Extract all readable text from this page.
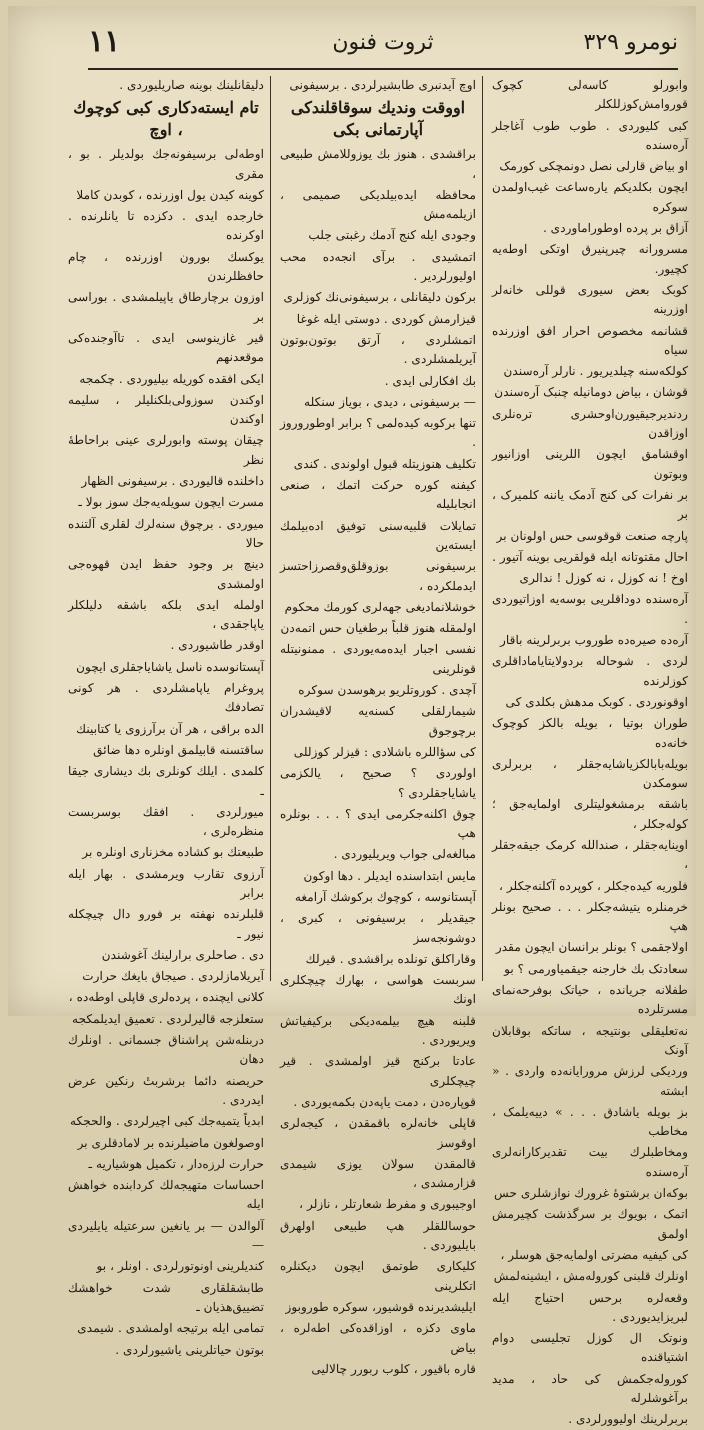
نومرو ٣٢٩
ثروت فنون
١١

وابورلو کاسه‌لی کچوک قوروامش‌کوزللکلر

کبی کلیوردی . طوب طوب آغاجلر آره‌سنده

او بیاض قارلی نصل دونمچکی کورمک

ایچون بکلدیکم یاره‌ساعت غیب‌اولمدن سوکره

آزاق بر پرده اوطوراماوردی .

مسرورانه چیرپنیرق اوتکی اوطه‌یه کچیور.

کوبک بعض سیوری قوللی خانه‌لر اوزرینه

قشانمه مخصوص احرار افق اوزرنده سیاه

کولکه‌سنه چیلدیریور . نارلر آره‌سندن

قوشان ، بیاض دومانیله چنبک آره‌سندن

ردندیرجیقیورن‌اوحشری تره‌نلری اوزاقدن

اوقشامق ایچون اللرینی اوزانیور وبوتون

بر نفرات کی کنج آدمک یاننه کلمیرک ، بر

پارچه صنعت قوقوسی حس اولونان بر

احال مقتوتانه ایله قولقریی بوینه آتیور .

اوخ ! نه کوزل ، نه کوزل ! ندالری

آره‌سنده دوداقلریی بوسه‌یه اوزاتیوردی .

آره‌ده صیره‌ده طوروب بربرلرینه باقار

لردی . شوحاله بردولایتایاماداقلری کوزلرنده

اوقونوردی . کوبک مدهش بکلدی کی

طوران بوتیا ، بویله بالکز کوچوک خانه‌ده

بویله‌بابالکز‌یاشایه‌جقلر ، بربرلری سومکدن

باشقه برمشغولیتلری اولمایه‌جق ؛ کوله‌جکلر ،

اوینایه‌جقلر ، صندالله کرمک جیقه‌جقلر ،

فلوریه کیده‌جکلر ، کوپرده آکلنه‌جکلر ،

خرمنلره یتیشه‌جکلر . . . صحیح بونلر هپ

اولاجقمی ؟ بونلر برانسان ایچون مقدر

سعادتک بك خارجنه جیقمیاورمی ؟ بو

طفلانه جریانده ، حیاتک بوفرحه‌نمای مسرتلرده

نه‌تعلیقلی بونتیجه ، ساتکه بوقابلان آونک

وردیکی لرزش مرورایانه‌ده واردی . « ابشته

بز بویله یاشادق . . . » دییه‌یلمک ، مخاطب

ومخاطبلرك بیت تقدیرکارانه‌لری آره‌سنده

بوکه‌ان برشتوهٔ غرورك نوازشلری حس

اتمک ، بویوك بر سرگذشت کچیرمش اولمق

کی کیفیه مضرتی اولمایه‌جق هوسلر ،

اونلرك قلبنی کوروله‌مش ، ایشینه‌لمش

وقعه‌لره برحس احتیاج ایله لبریزایدیوردی .

ونوتک ال کوزل تجلیسی دوام اشتیاقنده

کوروله‌جکمش کی حاد ، مدید برآغوشلرله

بربرلرینك اولیوورلردی .

اوچ آیدنبری طابشیرلردی . برسیفونی

اووقت وندیك سوقاقلندکی آپارتمانی بکی

براقشدی . هنوز بك یوزوللامش طبیعی ،

محافظه ایده‌بیلدیکی صمیمی ، ازیلمه‌مش

وجودی ایله کنج آدمك رغبتی جلب

اتمشیدی . برآی انجه‌ده محب اولیورلردیر .

برکون دلیقانلی ، برسیفونی‌نك کوزلری

قیزارمش کوردی . دوستی ایله غوغا

اتمشلردی ، آرتق بوتون‌بوتون آیریلمشلردی .

بك افکارلی ایدی .

— برسیفونی ، دیدی ، بویاز سنکله

تنها برکوبه کیده‌لمی ؟ برابر اوطوروروز .

تکلیف هنوزیتله قبول اولوندی . کندی

کیفنه کوره حرکت اتمك ، صنعی انجابلیله

تمایلات قلبیه‌سنی توفیق اده‌بیلمك ایسته‌ین

برسیفونی بوزوقلق‌وقصرزاحتسز ایدملکرده ،

خوشلانمادیغی جهه‌لری کورمك محکوم

اولمقله هنوز قلباً برطغیان حس اتمه‌دن

نفسی اجبار ایده‌مه‌یوردی . ممنونیتله قونلرینی

آچدی . کوروتلریو برهوسدن سوکره

شیمارلقلی کسنه‌یه‌ لاقیشدران برچوجوق

کی سؤاللره باشلادی : قیزلر کوزللی

اولوردی ؟ صحیح ، یالکزمی یاشایاجقلردی ؟

چوق اکلنه‌جکرمی ایدی ؟ . . . بونلره هپ

مبالغه‌لی جواب ویریلیوردی .

مایس ابتداسنده ایدیلر . دها اوکون

آپستانوسه ، کوچوك برکوشك آرامغه

جیقدیلر ، برسیفونی ، کبری ، دوشونجه‌سز

وقاراکلق تونلده براقشدی . قیرلك

سربست هواسی ، بهارك چیچکلری اونك

قلبنه هیچ بیلمه‌دیکی برکیفیاتش ویریوردی .

عادتا برکنج قیز اولمشدی . قیر چیچکلری

قوپاره‌دن ، دمت یاپه‌دن بکمه‌یوردی .

قاپلی خانه‌لره باقمقدن ، کیجه‌لری اوقوسز

قالمقدن سولان یوزی شیمدی قزارمشدی ،

اوجیبوری و مفرط شعارتلر ، نازلر ،

حوساللقلر هپ طبیعی اولهرق بایلیوردی .

کلیکاری طوتمق ایچون دیکنلره اتکلرینی

ایلیشدیرنده قوشیور، سوکره طوروبوز

ماوی دکزه ، اوزاقده‌کی اطه‌لره ، بیاض

قاره باقیور ، کلوب ربورر چالالیی

دلیقانلینك بوینه صاریلیوردی .

تام ایسته‌دکاری کبی کوچوك ، اوچ

اوطه‌لی برسیفونه‌جك بولدیلر . بو ، مقری

کوینه کیدن یول اوزرنده ، کوبدن کاملا

خارجده ایدی . دکزده تا یانلرنده . اوکرنده

یوکسك بورون اوزرنده ، چام حافظلرندن

اوزون برچارطاق یاپیلمشدی . بوراسی بر

قیر غازینوسی ایدی . تاآوجنده‌کی موقعدنهم

ایکی افقده کوریله بیلیوردی . چکمجه

اوکندن سوزولی‌بلکنلیلر ، سلیمه اوکندن

چیقان پوسته وابورلری عینی براحاطهٔ نظر

داخلنده قالیوردی . برسیفونی الظهار

مسرت ایچون سویله‌یه‌جك سوز بولا ـ

میوردی . برچوق سنه‌لرك لقلری آلتنده حالا

دینچ بر وجود حفظ ایدن قهوه‌جی اولمشدی

اولمله ایدی بلکه باشقه دلیلکلر یاپاجقدی ،

اوقدر طاشیوردی .

آپستانوسده ناسل یاشایاجقلری ایچون

پروغرام یاپامشلردی . هر کونی تصادفك

الده براقی ، هر آن برآرزوی یا کتابینك

ساقتسنه قابیلمق اونلره دها ضائق

کلمدی . ایلك کونلری بك دیشاری جیقا ـ

میورلردی . افقك بوسربست منظره‌لری ،

طبیعتك بو کشاده مخزناری اونلره بر

آرزوی تقارب ویرمشدی . بهار ایله برابر

قلبلرنده نهفته بر فورو دال چیچکله نیور ـ

دی . صاحلری برارلینك آغوشندن

آیریلامازلردی . صیجاق بایغك حرارت

کلانی ایچنده ، پرده‌لری قاپلی اوطه‌ده ،

ستعلزجه قالیرلردی . تعمیق ایدیلمکجه

دربنله‌شن پراشناق جسمانی . اونلرك دهان

حریصنه دائما برشربتٔ رنکین عرض ایدردی .

ابدیاً یتمیه‌جك کبی اچیرلردی . والحجکه

اوصولغون ماضیلرنده بر لامادقلری بر

حرارت لرزه‌دار ، تکمیل هوشیاریه ـ

احساسات متهیجه‌لك کردابنده خواهش ایله

آلوالدن — بر یانغین سرعتیله یایلیردی —

کندیلرینی اونوتورلردی . اونلر ، بو

طابشقلقاری شدت خواهشك تضییق‌هذیان ـ

تمامی ایله برتیجه اولمشدی . شیمدی

بوتون حیاتلرینی یاشیورلردی .
